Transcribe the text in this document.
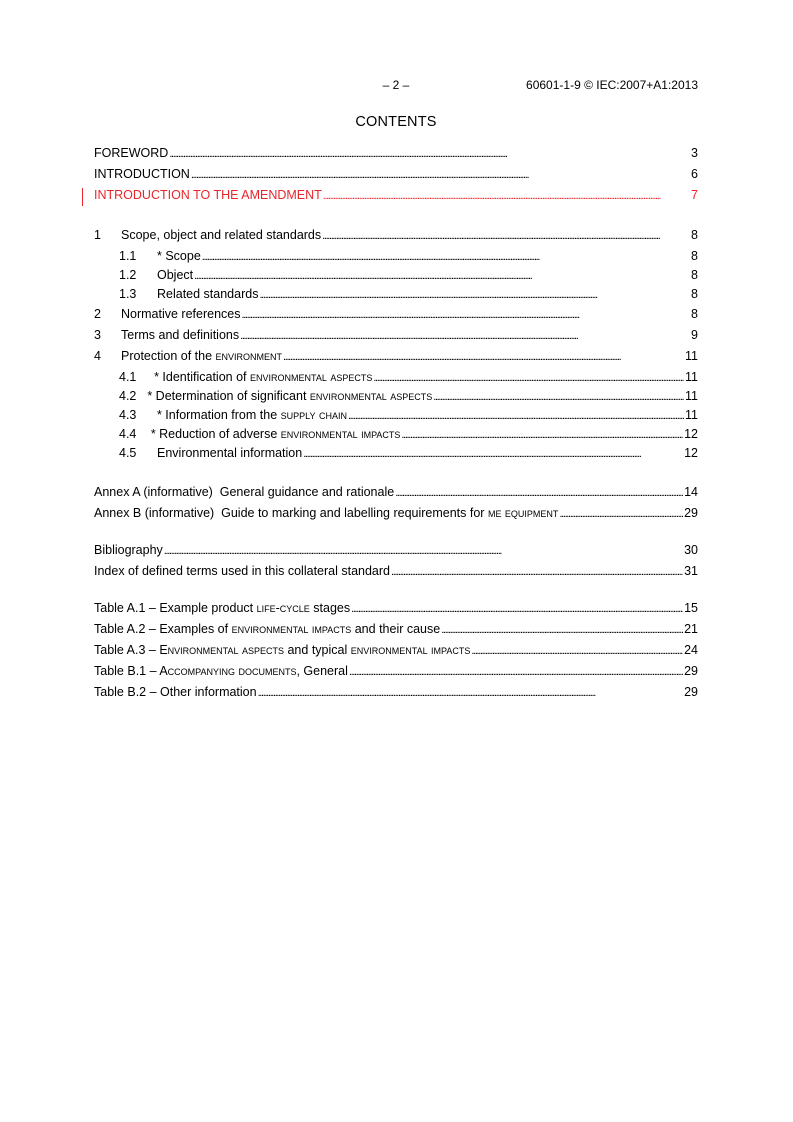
– 2 –	60601-1-9 © IEC:2007+A1:2013
CONTENTS
FOREWORD . . .	3
INTRODUCTION . . .	6
INTRODUCTION TO THE AMENDMENT . . .	7
1	Scope, object and related standards . . .	8
1.1	* Scope . . .	8
1.2	Object . . .	8
1.3	Related standards . . .	8
2	Normative references . . .	8
3	Terms and definitions . . .	9
4	Protection of the environment . . .	11
4.1	* Identification of environmental aspects . . .	11
4.2 * Determination of significant environmental aspects . . .	11
4.3	* Information from the supply chain . . .	11
4.4	* Reduction of adverse environmental impacts . . .	12
4.5	Environmental information . . .	12
Annex A (informative)  General guidance and rationale . . .	14
Annex B (informative)  Guide to marking and labelling requirements for me equipment . . .	29
Bibliography . . .	30
Index of defined terms used in this collateral standard . . .	31
Table A.1 – Example product life-cycle stages . . .	15
Table A.2 – Examples of environmental impacts and their cause . . .	21
Table A.3 – Environmental aspects and typical environmental impacts . . .	24
Table B.1 – Accompanying documents, General . . .	29
Table B.2 – Other information . . .	29
